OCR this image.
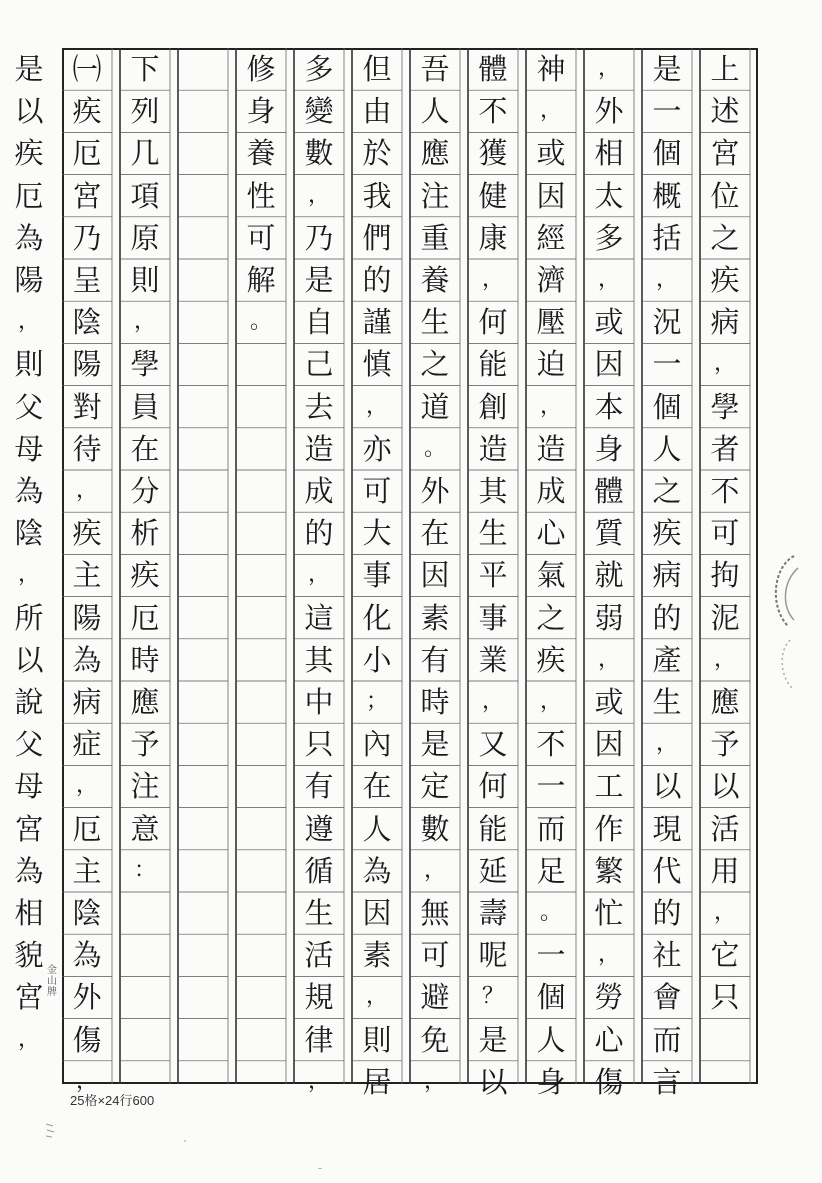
上
述
宮
位
之
疾
病
，
學
者
不
可
拘
泥
，
應
予
以
活
用
，
它
只
是
一
個
概
括
，
況
一
個
人
之
疾
病
的
產
生
，
以
現
代
的
社
會
而
言
，
外
相
太
多
，
或
因
本
身
體
質
就
弱
，
或
因
工
作
繁
忙
，
勞
心
傷
神
，
或
因
經
濟
壓
迫
，
造
成
心
氣
之
疾
，
不
一
而
足
。
一
個
人
身
體
不
獲
健
康
，
何
能
創
造
其
生
平
事
業
，
又
何
能
延
壽
呢
？
是
以
吾
人
應
注
重
養
生
之
道
。
外
在
因
素
有
時
是
定
數
，
無
可
避
免
，
但
由
於
我
們
的
謹
慎
，
亦
可
大
事
化
小
；
內
在
人
為
因
素
，
則
居
多
變
數
，
乃
是
自
己
去
造
成
的
，
這
其
中
只
有
遵
循
生
活
規
律
，
修
身
養
性
可
解
。
下
列
几
項
原
則
，
學
員
在
分
析
疾
厄
時
應
予
注
意
：
㈠
疾
厄
宮
乃
呈
陰
陽
對
待
，
疾
主
陽
為
病
症
，
厄
主
陰
為
外
傷
，
是
以
疾
厄
為
陽
，
則
父
母
為
陰
，
所
以
說
父
母
宮
為
相
貌
宮
，
25格×24行600
金山牌
